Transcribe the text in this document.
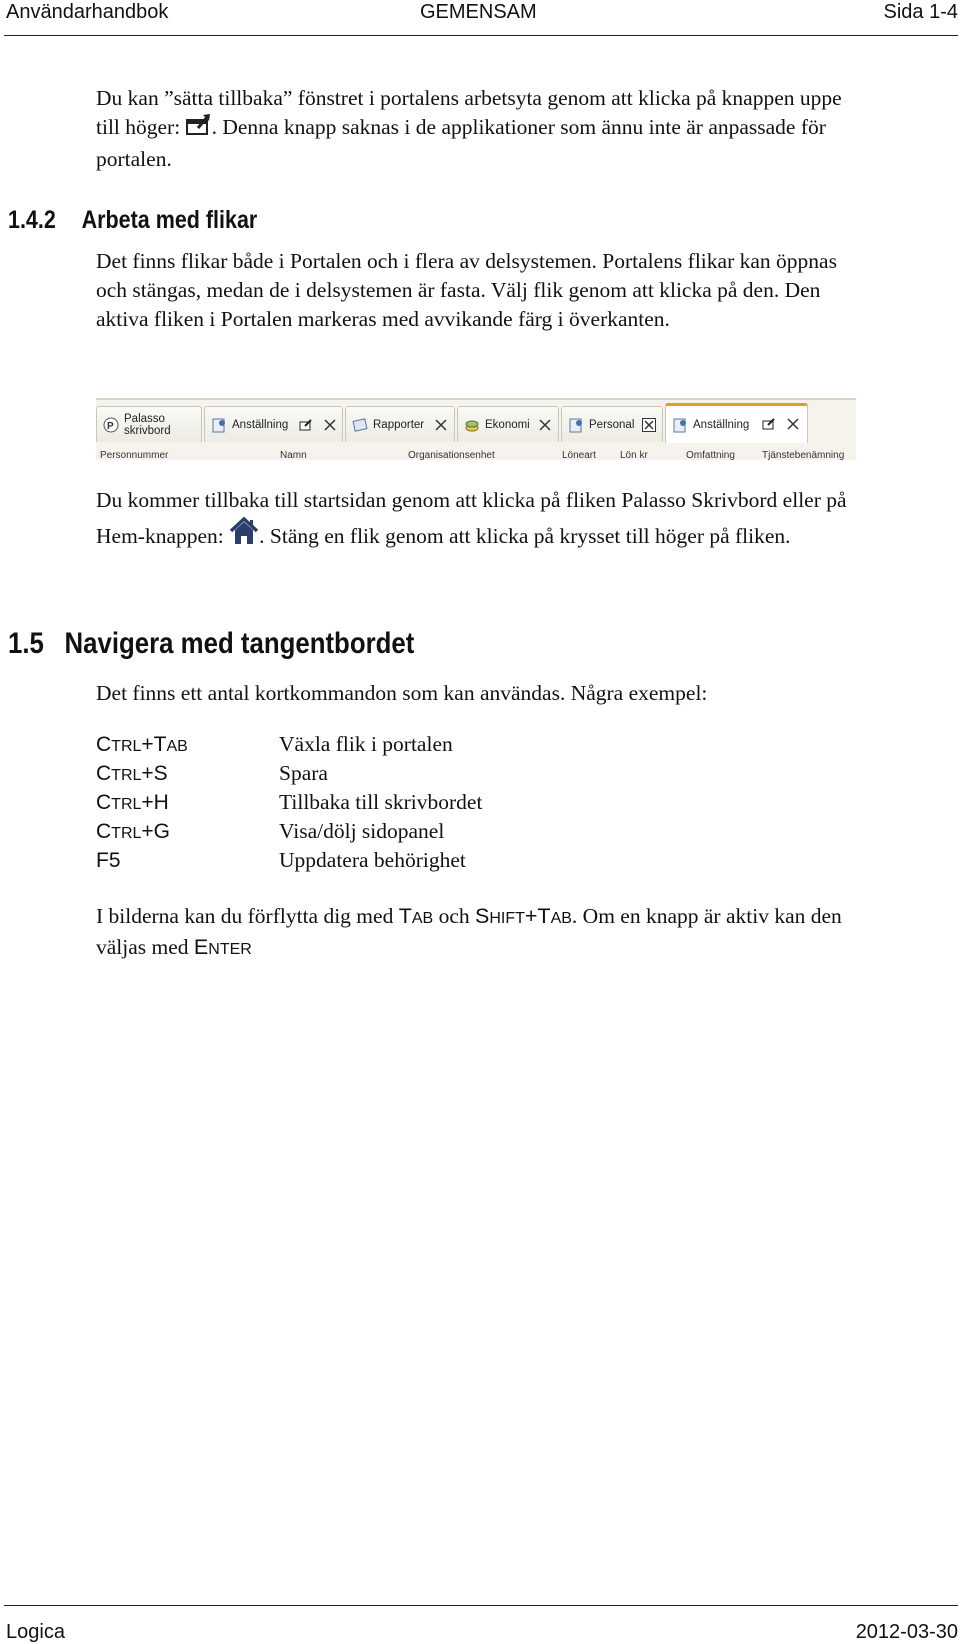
Användarhandbok	GEMENSAM	Sida 1-4
Du kan ”sätta tillbaka” fönstret i portalens arbetsyta genom att klicka på knappen uppe till höger: . Denna knapp saknas i de applikationer som ännu inte är anpassade för portalen.
1.4.2 Arbeta med flikar
Det finns flikar både i Portalen och i flera av delsystemen. Portalens flikar kan öppnas och stängas, medan de i delsystemen är fasta. Välj flik genom att klicka på den. Den aktiva fliken i Portalen markeras med avvikande färg i överkanten.
P
Palasso skrivbord	Anställning	Rapporter	Ekonomi	Personal	Anställning
Personnummer	Namn	Organisationsenhet	Löneart Lön kr	Omfattning	Tjänstebenämning
Du kommer tillbaka till startsidan genom att klicka på fliken Palasso Skrivbord eller på Hem-knappen: . Stäng en flik genom att klicka på krysset till höger på fliken.
1.5 Navigera med tangentbordet
Det finns ett antal kortkommandon som kan användas. Några exempel:
CTRL+TAB	Växla flik i portalen
CTRL+S	Spara
CTRL+H	Tillbaka till skrivbordet
CTRL+G	Visa/dölj sidopanel
F5	Uppdatera behörighet
I bilderna kan du förflytta dig med TAB och SHIFT+TAB. Om en knapp är aktiv kan den väljas med ENTER
Logica	2012-03-30
